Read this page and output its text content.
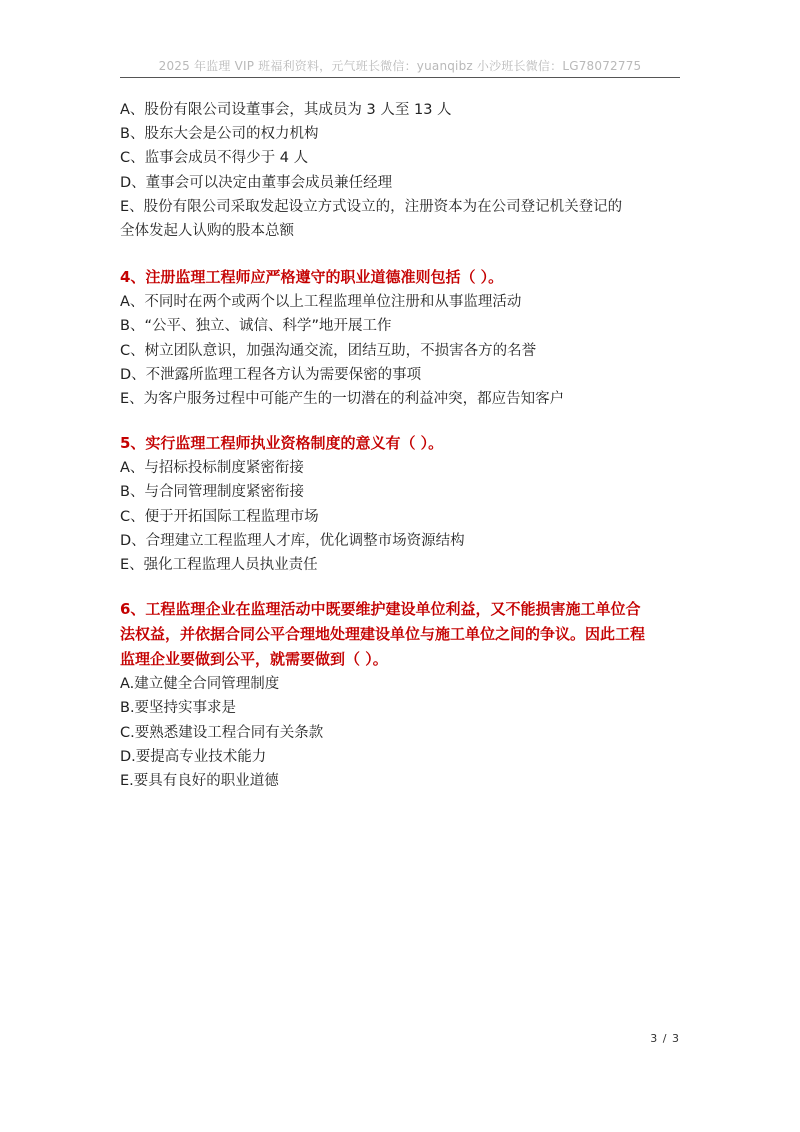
2025 年监理 VIP 班福利资料，元气班长微信：yuanqibz 小沙班长微信：LG78072775

A、股份有限公司设董事会，其成员为 3 人至 13 人

B、股东大会是公司的权力机构

C、监事会成员不得少于 4 人

D、董事会可以决定由董事会成员兼任经理

E、股份有限公司采取发起设立方式设立的，注册资本为在公司登记机关登记的

全体发起人认购的股本总额

4、注册监理工程师应严格遵守的职业道德准则包括（ ）。

A、不同时在两个或两个以上工程监理单位注册和从事监理活动

B、“公平、独立、诚信、科学”地开展工作

C、树立团队意识，加强沟通交流，团结互助，不损害各方的名誉

D、不泄露所监理工程各方认为需要保密的事项

E、为客户服务过程中可能产生的一切潜在的利益冲突，都应告知客户

5、实行监理工程师执业资格制度的意义有（ ）。

A、与招标投标制度紧密衔接

B、与合同管理制度紧密衔接

C、便于开拓国际工程监理市场

D、合理建立工程监理人才库，优化调整市场资源结构

E、强化工程监理人员执业责任

6、工程监理企业在监理活动中既要维护建设单位利益，又不能损害施工单位合

法权益，并依据合同公平合理地处理建设单位与施工单位之间的争议。因此工程

监理企业要做到公平，就需要做到（ ）。

A.建立健全合同管理制度

B.要坚持实事求是

C.要熟悉建设工程合同有关条款

D.要提高专业技术能力

E.要具有良好的职业道德

3 / 3
